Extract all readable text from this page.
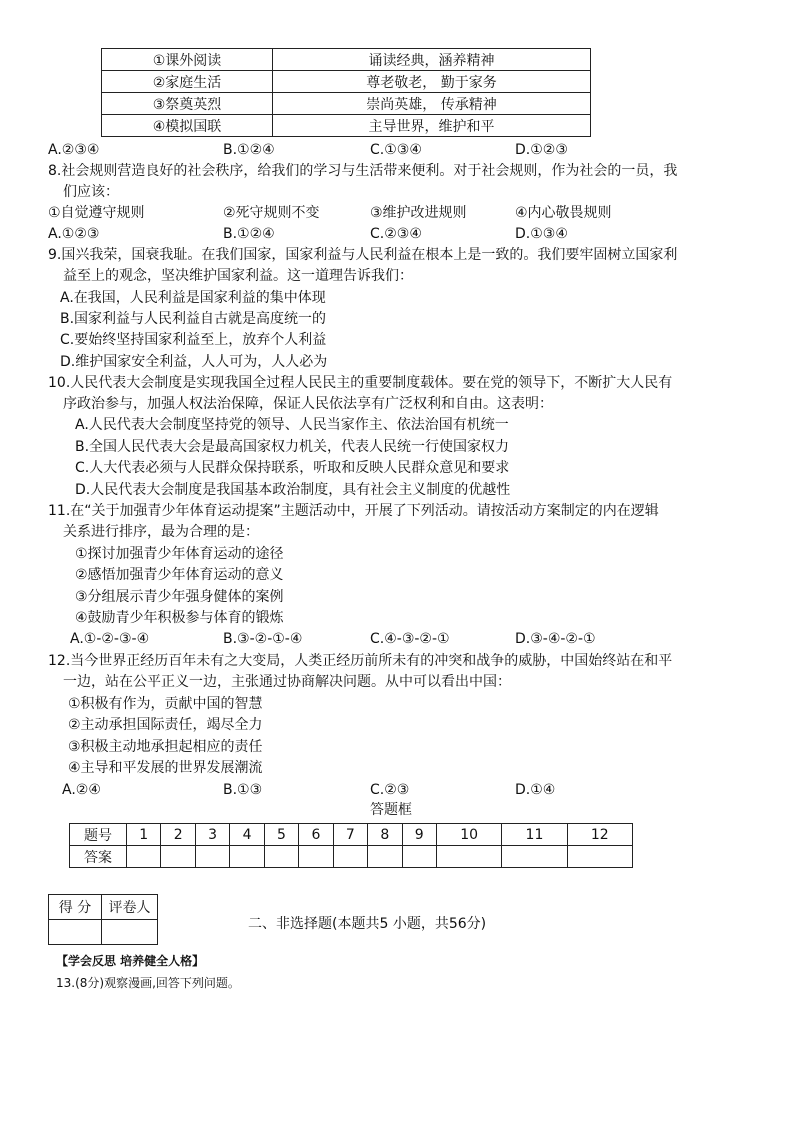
①课外阅读	诵读经典，涵养精神
②家庭生活	尊老敬老， 勤于家务
③祭奠英烈	崇尚英雄， 传承精神
④模拟国联	主导世界，维护和平
A.②③④	B.①②④	C.①③④	D.①②③
8.社会规则营造良好的社会秩序，给我们的学习与生活带来便利。对于社会规则，作为社会的一员，我
们应该：
①自觉遵守规则	②死守规则不变	③维护改进规则	④内心敬畏规则
A.①②③	B.①②④	C.②③④	D.①③④
9.国兴我荣，国衰我耻。在我们国家，国家利益与人民利益在根本上是一致的。我们要牢固树立国家利
益至上的观念，坚决维护国家利益。这一道理告诉我们：
A.在我国，人民利益是国家利益的集中体现
B.国家利益与人民利益自古就是高度统一的
C.要始终坚持国家利益至上，放弃个人利益
D.维护国家安全利益，人人可为，人人必为
10.人民代表大会制度是实现我国全过程人民民主的重要制度载体。要在党的领导下，不断扩大人民有
序政治参与，加强人权法治保障，保证人民依法享有广泛权利和自由。这表明：
A.人民代表大会制度坚持党的领导、人民当家作主、依法治国有机统一
B.全国人民代表大会是最高国家权力机关，代表人民统一行使国家权力
C.人大代表必须与人民群众保持联系，听取和反映人民群众意见和要求
D.人民代表大会制度是我国基本政治制度，具有社会主义制度的优越性
11.在“关于加强青少年体育运动提案”主题活动中，开展了下列活动。请按活动方案制定的内在逻辑
关系进行排序，最为合理的是：
①探讨加强青少年体育运动的途径
②感悟加强青少年体育运动的意义
③分组展示青少年强身健体的案例
④鼓励青少年积极参与体育的锻炼
A.①-②-③-④	B.③-②-①-④	C.④-③-②-①	D.③-④-②-①
12.当今世界正经历百年未有之大变局，人类正经历前所未有的冲突和战争的威胁，中国始终站在和平
一边，站在公平正义一边，主张通过协商解决问题。从中可以看出中国：
①积极有作为，贡献中国的智慧
②主动承担国际责任，竭尽全力
③积极主动地承担起相应的责任
④主导和平发展的世界发展潮流
A.②④	B.①③	C.②③	D.①④
答题框
题号	1	2	3	4	5	6	7	8	9	10	11	12
答案												
得 分	评卷人

二、非选择题(本题共5 小题，共56分)
【学会反思 培养健全人格】
13.(8分)观察漫画,回答下列问题。
